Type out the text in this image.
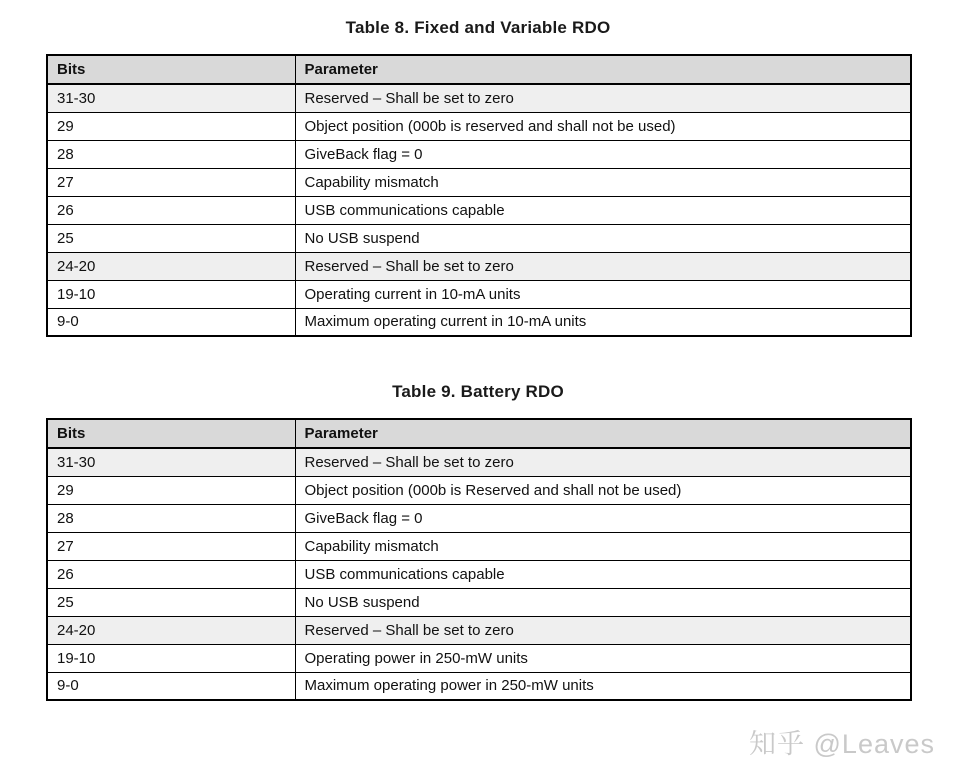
Table 8. Fixed and Variable RDO
Bits	Parameter
31-30	Reserved – Shall be set to zero
29	Object position (000b is reserved and shall not be used)
28	GiveBack flag = 0
27	Capability mismatch
26	USB communications capable
25	No USB suspend
24-20	Reserved – Shall be set to zero
19-10	Operating current in 10-mA units
9-0	Maximum operating current in 10-mA units
Table 9. Battery RDO
Bits	Parameter
31-30	Reserved – Shall be set to zero
29	Object position (000b is Reserved and shall not be used)
28	GiveBack flag = 0
27	Capability mismatch
26	USB communications capable
25	No USB suspend
24-20	Reserved – Shall be set to zero
19-10	Operating power in 250-mW units
9-0	Maximum operating power in 250-mW units
知乎 @Leaves
